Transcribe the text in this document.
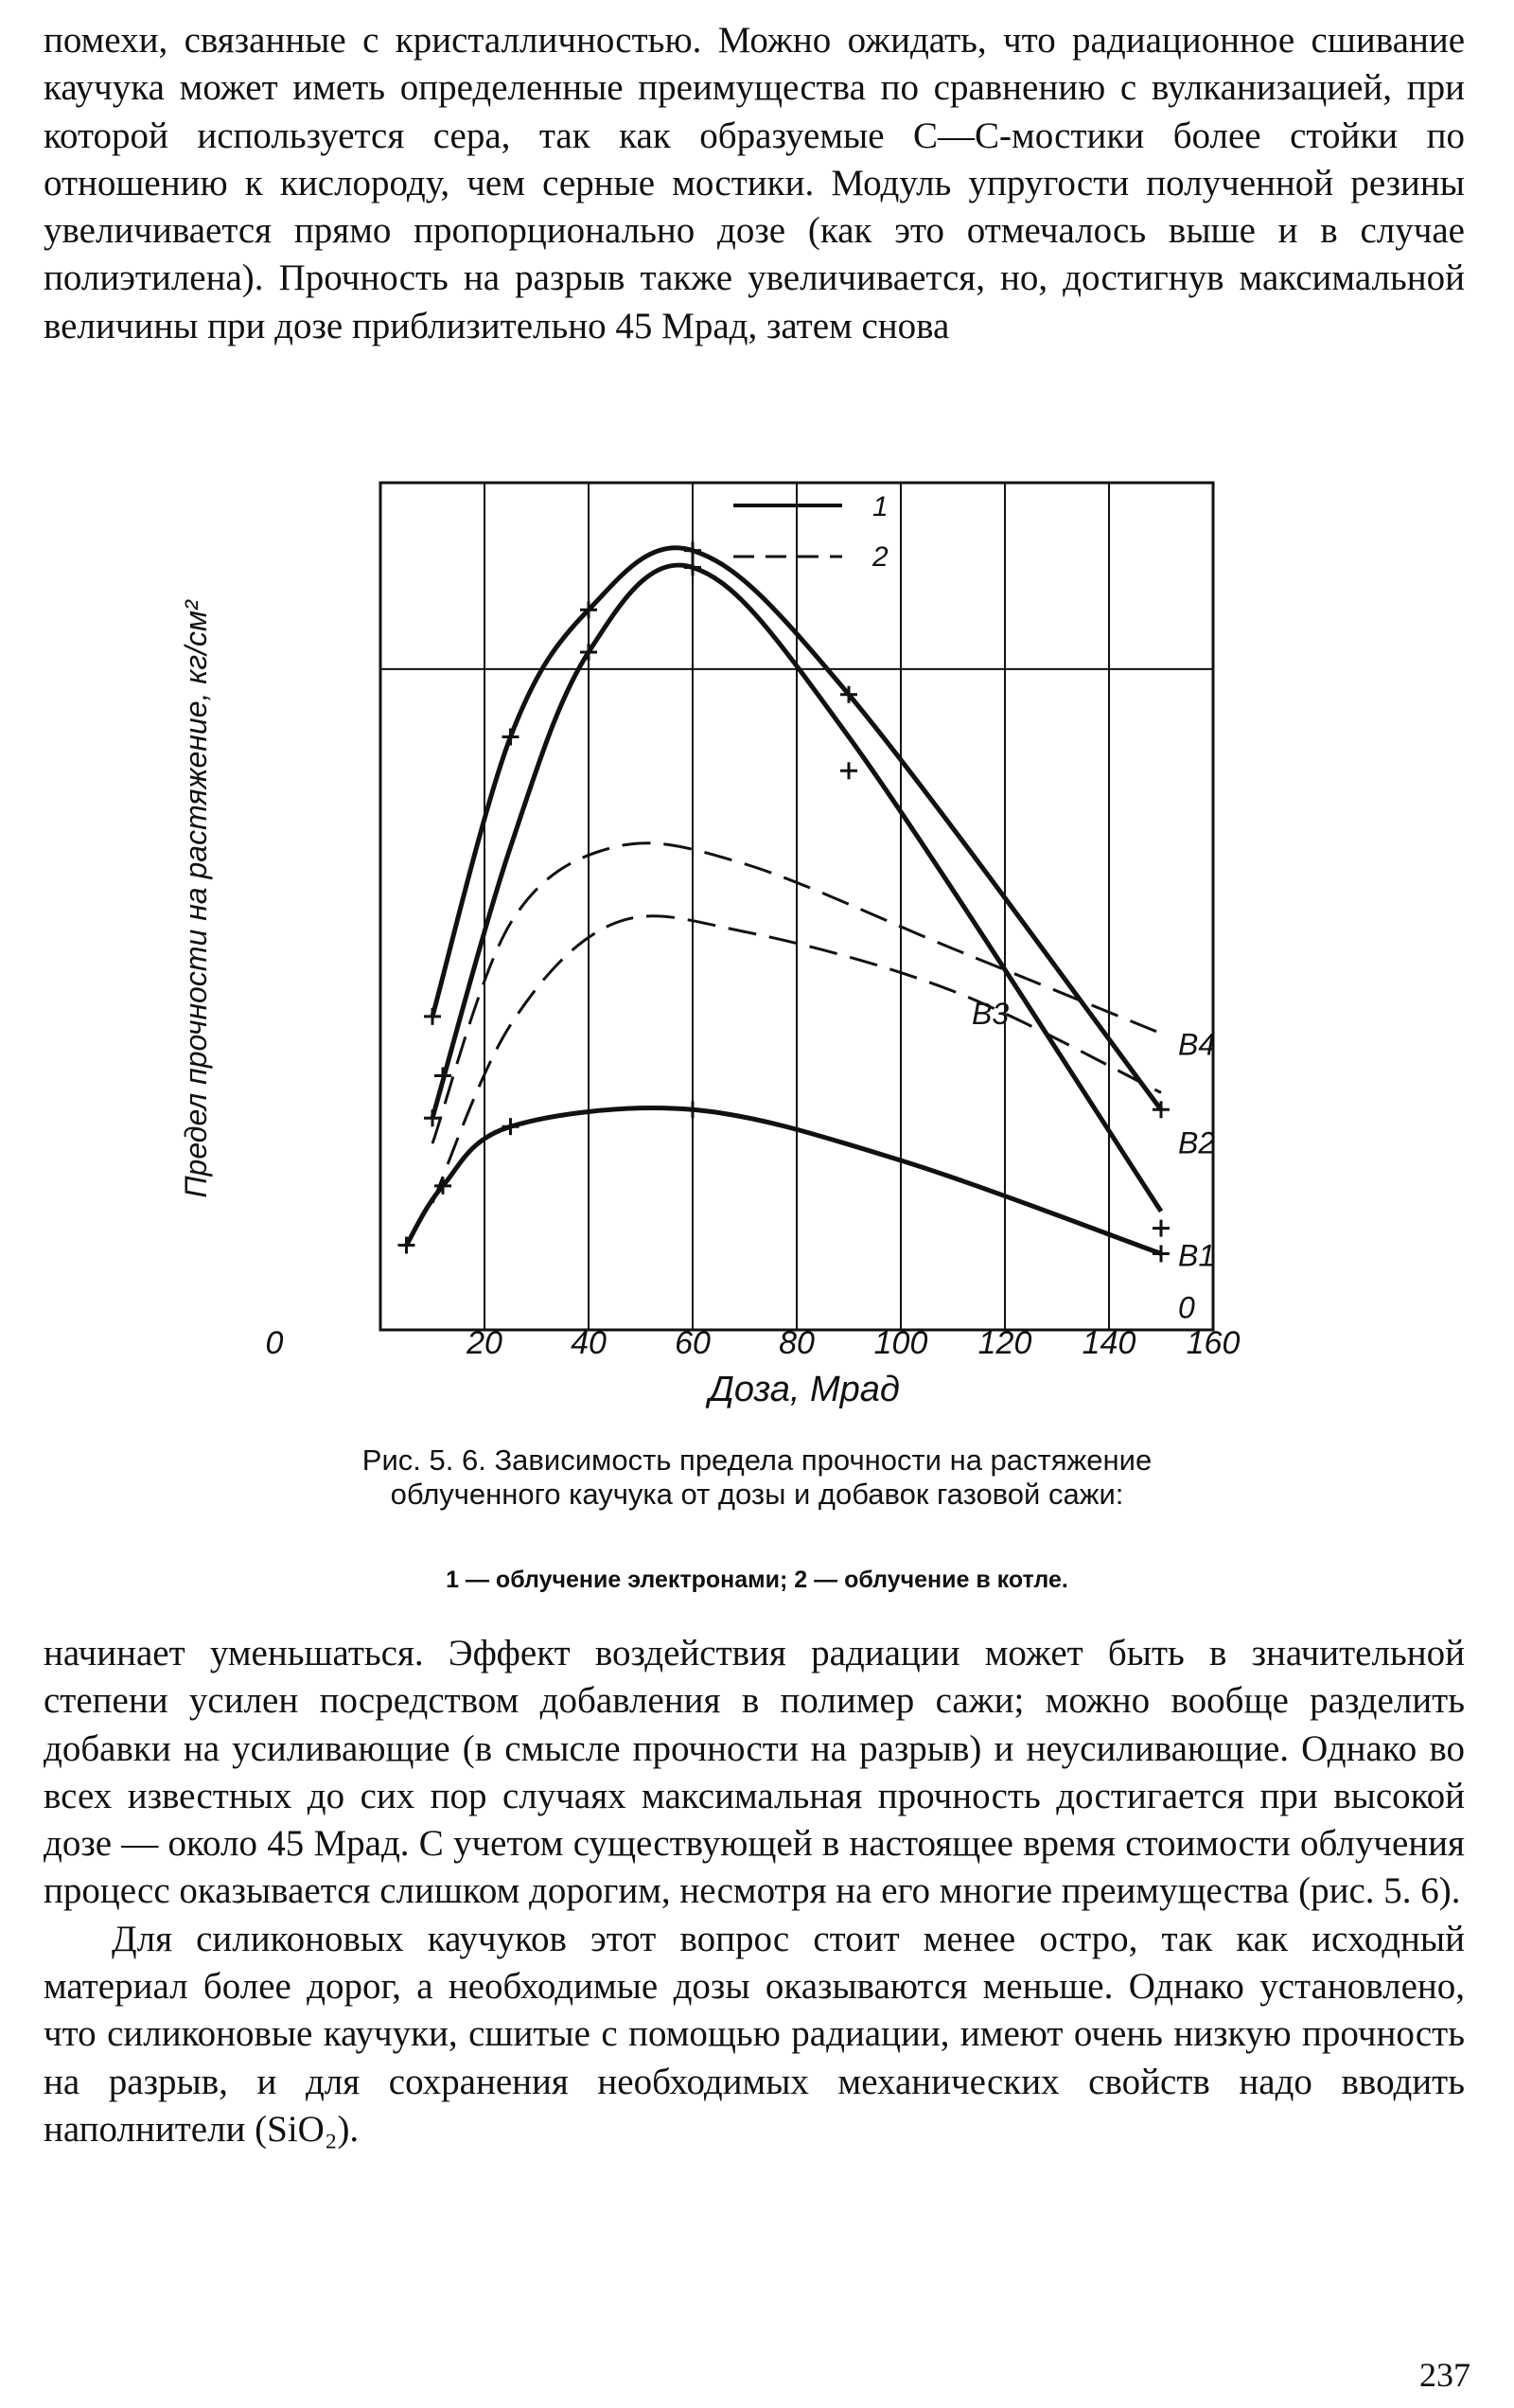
помехи, связанные с кристалличностью. Можно ожидать, что радиационное сшивание каучука может иметь определенные преимущества по сравнению с вулканизацией, при которой используется сера, так как образуемые С—С-мостики более стойки по отношению к кислороду, чем серные мостики. Модуль упругости полученной резины увеличивается прямо пропорционально дозе (как это отмечалось выше и в случае полиэтилена). Прочность на разрыв также увеличивается, но, достигнув максимальной величины при дозе приблизительно 45 Мрад, затем снова

0	20 40 60 80 100 120 140 160
B2
B1
0
B3
B4
1
2
Доза, Мрад
Предел прочности на растяжение, кг/см²

Рис. 5. 6. Зависимость предела прочности на растяжение облученного каучука от дозы и добавок газовой сажи:

1 — облучение электронами; 2 — облучение в котле.

начинает уменьшаться. Эффект воздействия радиации может быть в значительной степени усилен посредством добавления в полимер сажи; можно вообще разделить добавки на усиливающие (в смысле прочности на разрыв) и неусиливающие. Однако во всех известных до сих пор случаях максимальная прочность достигается при высокой дозе — около 45 Мрад. С учетом существующей в настоящее время стоимости облучения процесс оказывается слишком дорогим, несмотря на его многие преимущества (рис. 5. 6).
Для силиконовых каучуков этот вопрос стоит менее остро, так как исходный материал более дорог, а необходимые дозы оказываются меньше. Однако установлено, что силиконовые каучуки, сшитые с помощью радиации, имеют очень низкую прочность на разрыв, и для сохранения необходимых механических свойств надо вводить наполнители (SiO₂).

237
